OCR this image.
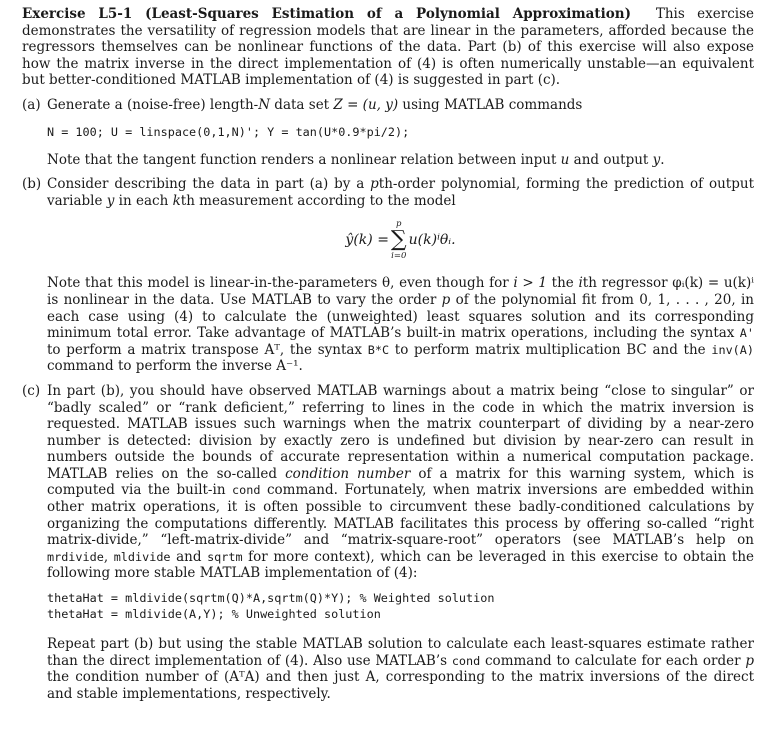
Exercise L5-1 (Least-Squares Estimation of a Polynomial Approximation) This exercise demonstrates the versatility of regression models that are linear in the parameters, afforded because the regressors themselves can be nonlinear functions of the data. Part (b) of this exercise will also expose how the matrix inverse in the direct implementation of (4) is often numerically unstable—an equivalent but better-conditioned MATLAB implementation of (4) is suggested in part (c).

(a) Generate a (noise-free) length-N data set Z = (u, y) using MATLAB commands

N = 100; U = linspace(0,1,N)'; Y = tan(U*0.9*pi/2);

Note that the tangent function renders a nonlinear relation between input u and output y.

(b) Consider describing the data in part (a) by a pth-order polynomial, forming the prediction of output variable y in each kth measurement according to the model

ŷ(k) =
p
∑
i=0
u(k)ⁱθᵢ.

Note that this model is linear-in-the-parameters θ, even though for i > 1 the ith regressor φᵢ(k) = u(k)ⁱ is nonlinear in the data. Use MATLAB to vary the order p of the polynomial fit from 0, 1, . . . , 20, in each case using (4) to calculate the (unweighted) least squares solution and its corresponding minimum total error. Take advantage of MATLAB’s built-in matrix operations, including the syntax A' to perform a matrix transpose Aᵀ, the syntax B*C to perform matrix multiplication BC and the inv(A) command to perform the inverse A⁻¹.

(c) In part (b), you should have observed MATLAB warnings about a matrix being “close to singular” or “badly scaled” or “rank deficient,” referring to lines in the code in which the matrix inversion is requested. MATLAB issues such warnings when the matrix counterpart of dividing by a near-zero number is detected: division by exactly zero is undefined but division by near-zero can result in numbers outside the bounds of accurate representation within a numerical computation package. MATLAB relies on the so-called condition number of a matrix for this warning system, which is computed via the built-in cond command. Fortunately, when matrix inversions are embedded within other matrix operations, it is often possible to circumvent these badly-conditioned calculations by organizing the computations differently. MATLAB facilitates this process by offering so-called “right matrix-divide,” “left-matrix-divide” and “matrix-square-root” operators (see MATLAB’s help on mrdivide, mldivide and sqrtm for more context), which can be leveraged in this exercise to obtain the following more stable MATLAB implementation of (4):

thetaHat = mldivide(sqrtm(Q)*A,sqrtm(Q)*Y); % Weighted solution
thetaHat = mldivide(A,Y); % Unweighted solution

Repeat part (b) but using the stable MATLAB solution to calculate each least-squares estimate rather than the direct implementation of (4). Also use MATLAB’s cond command to calculate for each order p the condition number of (AᵀA) and then just A, corresponding to the matrix inversions of the direct and stable implementations, respectively.
